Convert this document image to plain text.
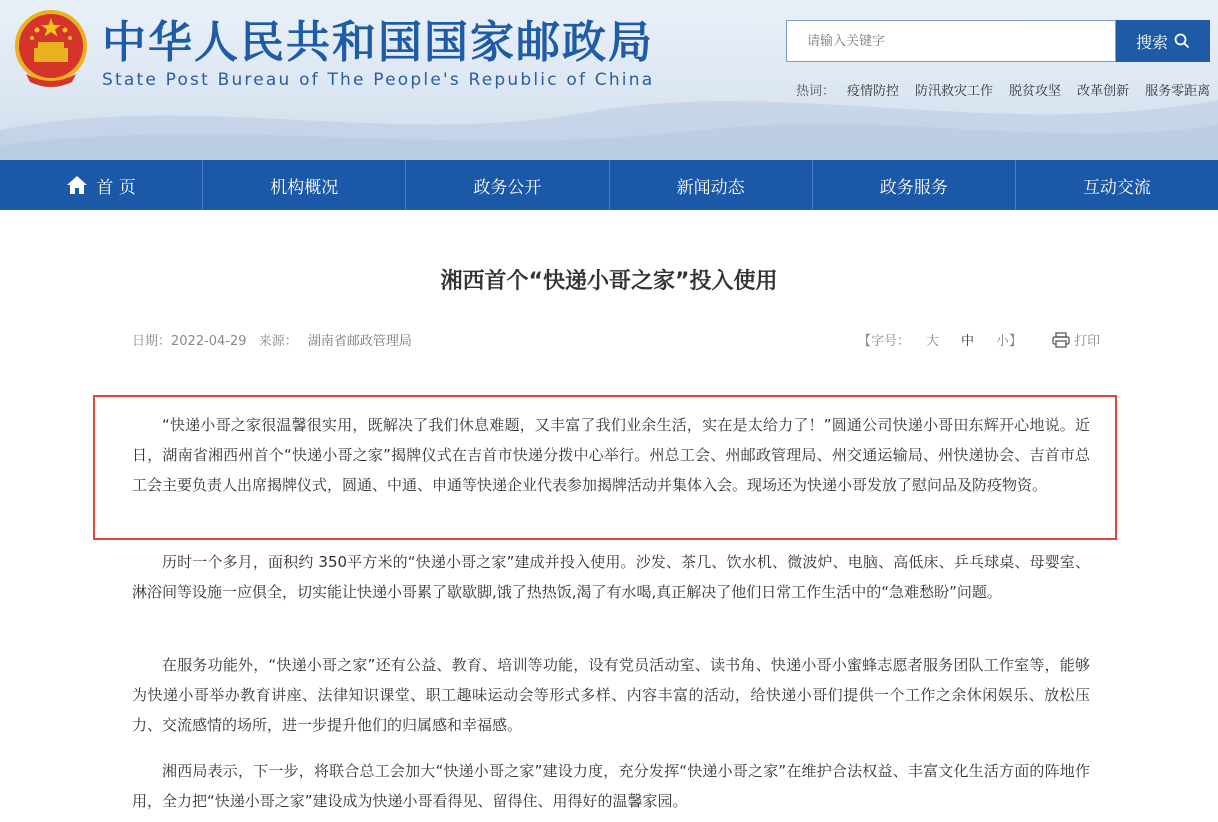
中华人民共和国国家邮政局
State Post Bureau of The People's Republic of China
请输入关键字
搜索
热词： 疫情防控 防汛救灾工作 脱贫攻坚 改革创新 服务零距离
首 页	机构概况	政务公开	新闻动态	政务服务	互动交流
湘西首个“快递小哥之家”投入使用
日期：2022-04-29 来源： 湖南省邮政管理局	【字号：	大	中	小】	打印

“快递小哥之家很温馨很实用，既解决了我们休息难题，又丰富了我们业余生活，实在是太给力了！”圆通公司快递小哥田东辉开心地说。近日，湖南省湘西州首个“快递小哥之家”揭牌仪式在吉首市快递分拨中心举行。州总工会、州邮政管理局、州交通运输局、州快递协会、吉首市总工会主要负责人出席揭牌仪式，圆通、中通、申通等快递企业代表参加揭牌活动并集体入会。现场还为快递小哥发放了慰问品及防疫物资。

历时一个多月，面积约 350平方米的“快递小哥之家”建成并投入使用。沙发、茶几、饮水机、微波炉、电脑、高低床、乒乓球桌、母婴室、淋浴间等设施一应俱全，切实能让快递小哥累了歇歇脚,饿了热热饭,渴了有水喝,真正解决了他们日常工作生活中的“急难愁盼”问题。

在服务功能外，“快递小哥之家”还有公益、教育、培训等功能，设有党员活动室、读书角、快递小哥小蜜蜂志愿者服务团队工作室等，能够为快递小哥举办教育讲座、法律知识课堂、职工趣味运动会等形式多样、内容丰富的活动，给快递小哥们提供一个工作之余休闲娱乐、放松压力、交流感情的场所，进一步提升他们的归属感和幸福感。

湘西局表示，下一步，将联合总工会加大“快递小哥之家”建设力度，充分发挥“快递小哥之家”在维护合法权益、丰富文化生活方面的阵地作用，全力把“快递小哥之家”建设成为快递小哥看得见、留得住、用得好的温馨家园。
